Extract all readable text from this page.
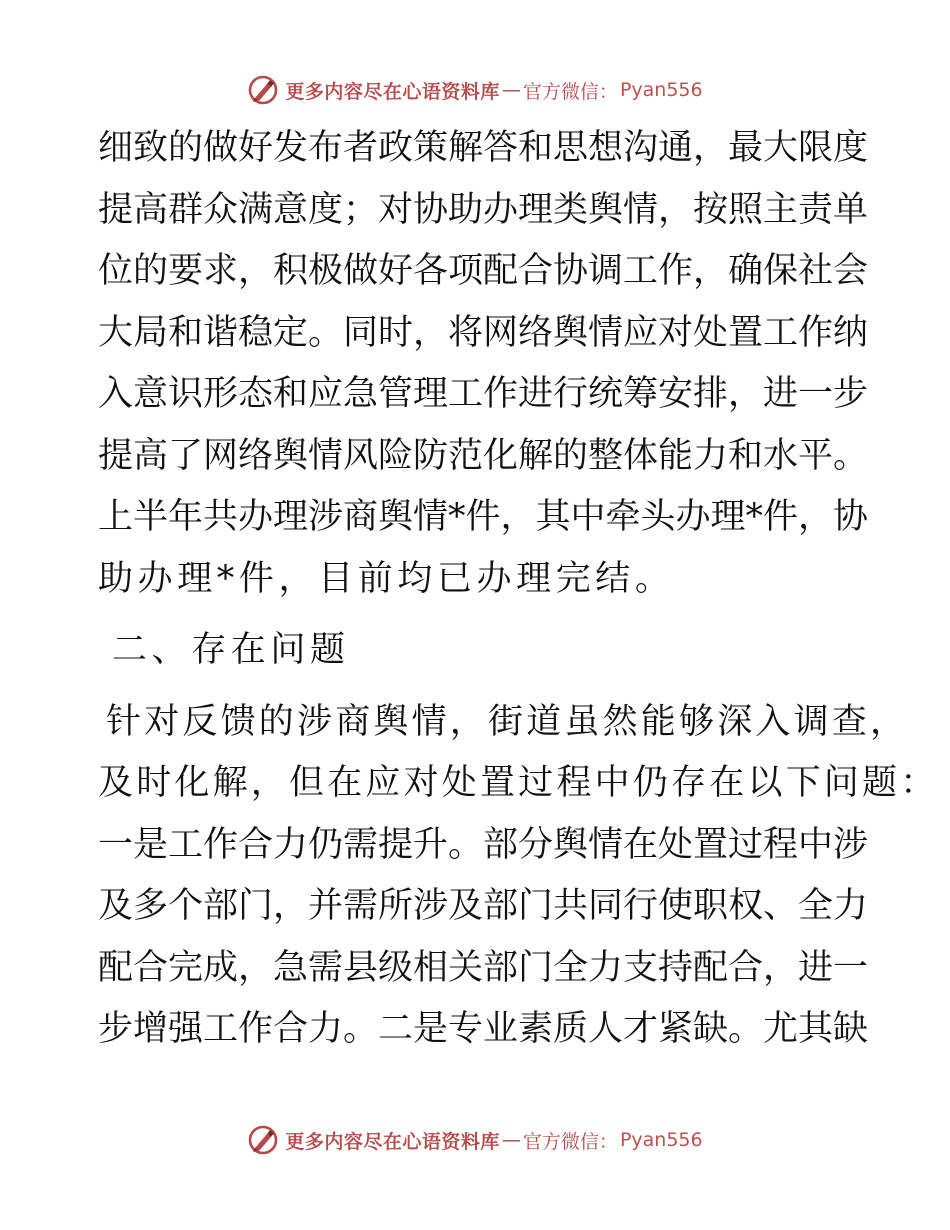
更多内容尽在心语资料库 — 官方微信： Pyan556
细致的做好发布者政策解答和思想沟通，最大限度
提高群众满意度；对协助办理类舆情，按照主责单
位的要求，积极做好各项配合协调工作，确保社会
大局和谐稳定。同时，将网络舆情应对处置工作纳
入意识形态和应急管理工作进行统筹安排，进一步
提高了网络舆情风险防范化解的整体能力和水平。
上半年共办理涉商舆情*件，其中牵头办理*件，协
助办理*件，目前均已办理完结。
二、存在问题
针对反馈的涉商舆情，街道虽然能够深入调查，
及时化解，但在应对处置过程中仍存在以下问题：
一是工作合力仍需提升。部分舆情在处置过程中涉
及多个部门，并需所涉及部门共同行使职权、全力
配合完成，急需县级相关部门全力支持配合，进一
步增强工作合力。二是专业素质人才紧缺。尤其缺
更多内容尽在心语资料库 — 官方微信： Pyan556
